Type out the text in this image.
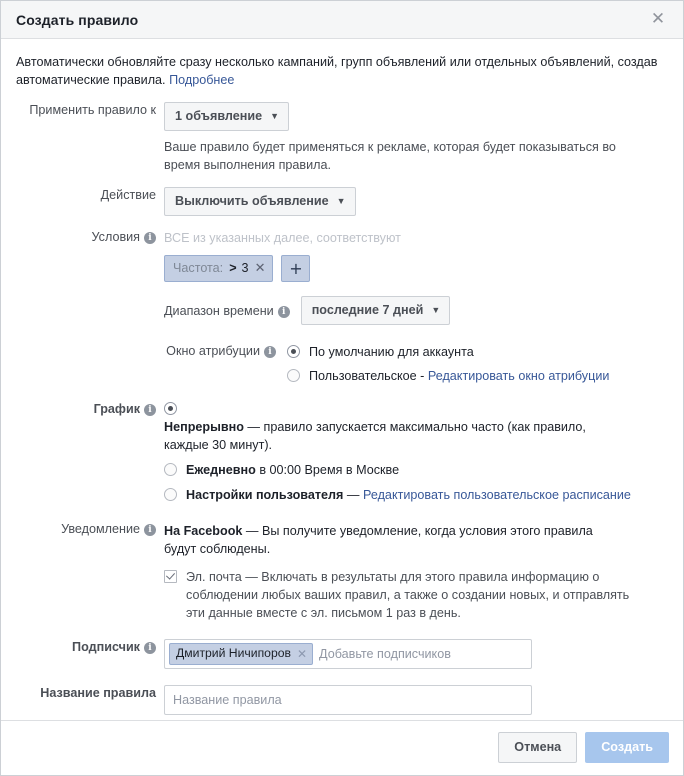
Создать правило	✕
Автоматически обновляйте сразу несколько кампаний, групп объявлений или отдельных объявлений, создав автоматические правила. Подробнее
Применить правило к	1 объявление ▼
Ваше правило будет применяться к рекламе, которая будет показываться во время выполнения правила.
Действие	Выключить объявление ▼
Условия i ВСЕ из указанных далее, соответствуют
Частота: > 3 ✕	+
Диапазон времени i	последние 7 дней ▼
Окно атрибуции i	По умолчанию для аккаунта
Пользовательское - Редактировать окно атрибуции
График i
Непрерывно — правило запускается максимально часто (как правило, каждые 30 минут).
Ежедневно в 00:00 Время в Москве
Настройки пользователя — Редактировать пользовательское расписание
Уведомление i На Facebook — Вы получите уведомление, когда условия этого правила будут соблюдены.
Эл. почта — Включать в результаты для этого правила информацию о соблюдении любых ваших правил, а также о создании новых, и отправлять эти данные вместе с эл. письмом 1 раз в день.
Подписчик i	Дмитрий Ничипоров ✕ Добавьте подписчиков
Название правила
Название правила
Отмена	Создать
